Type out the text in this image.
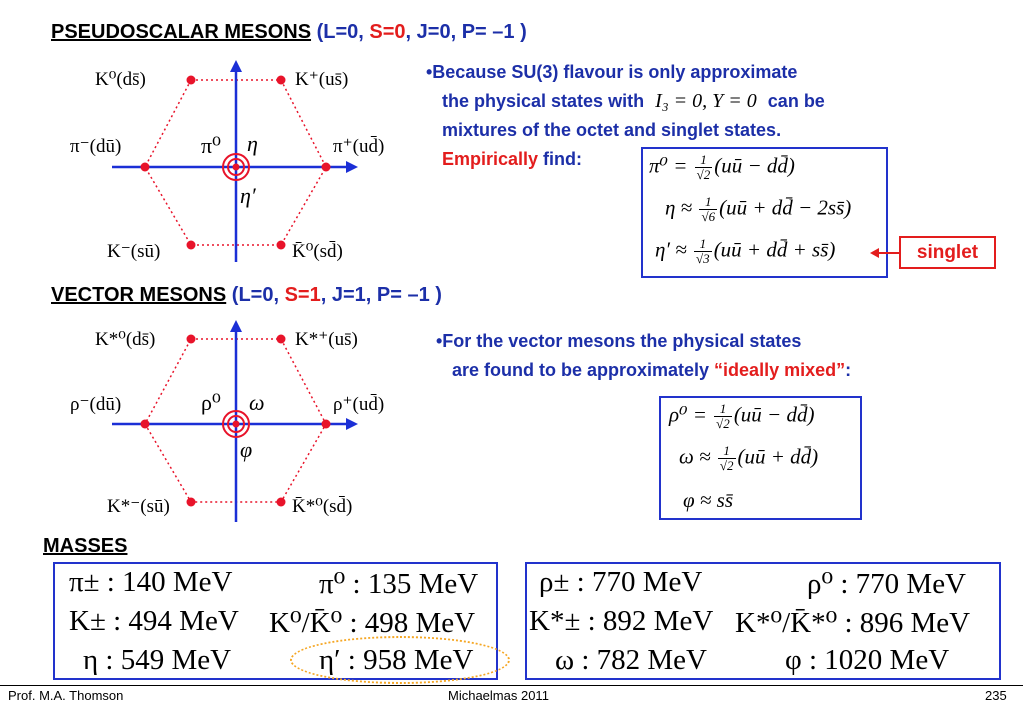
PSEUDOSCALAR MESONS (L=0, S=0, J=0, P= –1 )
K⁰(ds̄)	K⁺(us̄)
π⁻(dū)	π⁺(ud̄)
K⁻(sū)	K̄⁰(sd̄)
π⁰ η
η′
•Because SU(3) flavour is only approximate
the physical states with I₃ = 0, Y = 0 can be
mixtures of the octet and singlet states.
Empirically find:	$\pi^0 = \frac{1}{√2}$ (uū − dd̄)
$\eta \approx \frac{1}{√6}$ (uū + dd̄ − 2ss̄)
$\eta' \approx \frac{1}{√3}$ (uū + dd̄ + ss̄)	singlet
VECTOR MESONS (L=0, S=1, J=1, P= –1 )
K*⁰(ds̄)	K*⁺(us̄)
ρ⁻(dū)	ρ⁺(ud̄)
K*⁻(sū)	K̄*⁰(sd̄)
ρ⁰ ω
φ
•For the vector mesons the physical states
are found to be approximately “ideally mixed”:
$\rho^0 = \frac{1}{√2}$ (uū − dd̄)
$\omega \approx \frac{1}{√2}$ (uū + dd̄)
φ ≈ ss̄
MASSES
π± : 140 MeV	π⁰ : 135 MeV
K± : 494 MeV K⁰/K̄⁰ : 498 MeV
η : 549 MeV	η′ : 958 MeV
ρ± : 770 MeV	ρ⁰ : 770 MeV
K*± : 892 MeV K*⁰/K̄*⁰ : 896 MeV
ω : 782 MeV	φ : 1020 MeV
Prof. M.A. Thomson	Michaelmas 2011	235
